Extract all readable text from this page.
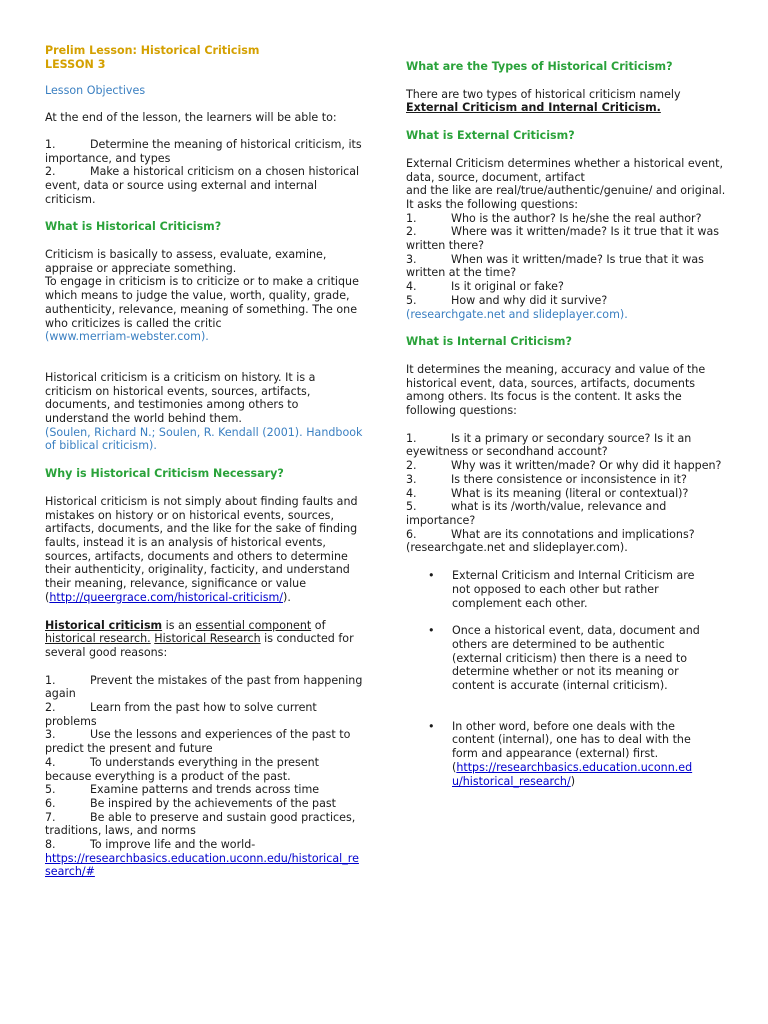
Prelim Lesson: Historical Criticism

LESSON 3

Lesson Objectives

At the end of the lesson, the learners will be able to:

1.	Determine the meaning of historical criticism, its importance, and types

2.	Make a historical criticism on a chosen historical event, data or source using external and internal criticism.

What is Historical Criticism?

Criticism is basically to assess, evaluate, examine, appraise or appreciate something.

To engage in criticism is to criticize or to make a critique which means to judge the value, worth, quality, grade, authenticity, relevance, meaning of something. The one who criticizes is called the critic

(www.merriam-webster.com).

Historical criticism is a criticism on history. It is a criticism on historical events, sources, artifacts, documents, and testimonies among others to understand the world behind them.

(Soulen, Richard N.; Soulen, R. Kendall (2001). Handbook of biblical criticism).

Why is Historical Criticism Necessary?

Historical criticism is not simply about finding faults and mistakes on history or on historical events, sources, artifacts, documents, and the like for the sake of finding faults, instead it is an analysis of historical events, sources, artifacts, documents and others to determine their authenticity, originality, facticity, and understand their meaning, relevance, significance or value (http://queergrace.com/historical-criticism/).

Historical criticism is an essential component of
historical research. Historical Research is conducted for several good reasons:

1.	Prevent the mistakes of the past from happening again

2.	Learn from the past how to solve current problems

3.	Use the lessons and experiences of the past to predict the present and future

4.	To understands everything in the present because everything is a product of the past.

5.	Examine patterns and trends across time

6.	Be inspired by the achievements of the past

7.	Be able to preserve and sustain good practices, traditions, laws, and norms

8.	To improve life and the world-

https://researchbasics.education.uconn.edu/historical_research/#

What are the Types of Historical Criticism?

There are two types of historical criticism namely

External Criticism and Internal Criticism.

What is External Criticism?

External Criticism determines whether a historical event, data, source, document, artifact

and the like are real/true/authentic/genuine/ and original.

It asks the following questions:

1.	Who is the author? Is he/she the real author?

2.	Where was it written/made? Is it true that it was written there?

3.	When was it written/made? Is true that it was written at the time?

4.	Is it original or fake?

5.	How and why did it survive?

(researchgate.net and slideplayer.com).

What is Internal Criticism?

It determines the meaning, accuracy and value of the historical event, data, sources, artifacts, documents among others. Its focus is the content. It asks the following questions:

1.	Is it a primary or secondary source? Is it an eyewitness or secondhand account?

2.	Why was it written/made? Or why did it happen?

3.	Is there consistence or inconsistence in it?

4.	What is its meaning (literal or contextual)?

5.	what is its /worth/value, relevance and importance?

6.	What are its connotations and implications?

(researchgate.net and slideplayer.com).

• External Criticism and Internal Criticism are not opposed to each other but rather complement each other.

• Once a historical event, data, document and others are determined to be authentic (external criticism) then there is a need to determine whether or not its meaning or content is accurate (internal criticism).

• In other word, before one deals with the content (internal), one has to deal with the form and appearance (external) first.

(https://researchbasics.education.uconn.edu/historical_research/)
